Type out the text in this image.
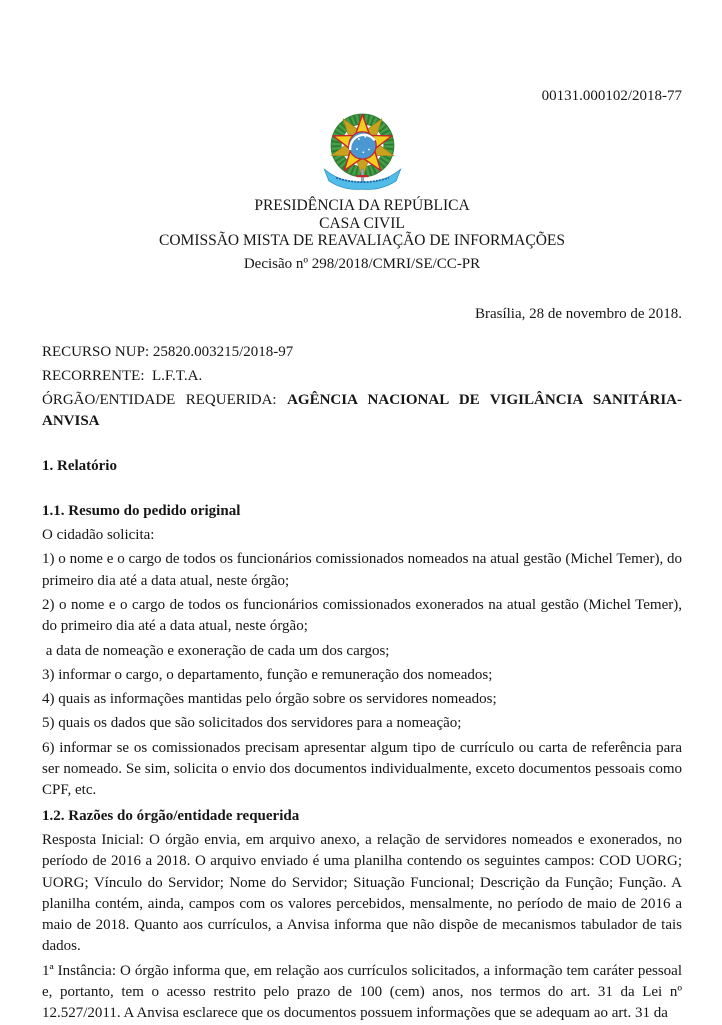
00131.000102/2018-77
PRESIDÊNCIA DA REPÚBLICA
CASA CIVIL
COMISSÃO MISTA DE REAVALIAÇÃO DE INFORMAÇÕES
Decisão nº 298/2018/CMRI/SE/CC-PR
Brasília, 28 de novembro de 2018.

RECURSO NUP: 25820.003215/2018-97

RECORRENTE:  L.F.T.A.

ÓRGÃO/ENTIDADE REQUERIDA: AGÊNCIA NACIONAL DE VIGILÂNCIA SANITÁRIA-ANVISA

1. Relatório
1.1. Resumo do pedido original

O cidadão solicita:

1) o nome e o cargo de todos os funcionários comissionados nomeados na atual gestão (Michel Temer), do primeiro dia até a data atual, neste órgão;

2) o nome e o cargo de todos os funcionários comissionados exonerados na atual gestão (Michel Temer), do primeiro dia até a data atual, neste órgão;

a data de nomeação e exoneração de cada um dos cargos;

3) informar o cargo, o departamento, função e remuneração dos nomeados;

4) quais as informações mantidas pelo órgão sobre os servidores nomeados;

5) quais os dados que são solicitados dos servidores para a nomeação;

6) informar se os comissionados precisam apresentar algum tipo de currículo ou carta de referência para ser nomeado. Se sim, solicita o envio dos documentos individualmente, exceto documentos pessoais como CPF, etc.

1.2. Razões do órgão/entidade requerida

Resposta Inicial: O órgão envia, em arquivo anexo, a relação de servidores nomeados e exonerados, no período de 2016 a 2018. O arquivo enviado é uma planilha contendo os seguintes campos: COD UORG; UORG; Vínculo do Servidor; Nome do Servidor; Situação Funcional; Descrição da Função; Função. A planilha contém, ainda, campos com os valores percebidos, mensalmente, no período de maio de 2016 a maio de 2018. Quanto aos currículos, a Anvisa informa que não dispõe de mecanismos tabulador de tais dados.

1ª Instância: O órgão informa que, em relação aos currículos solicitados, a informação tem caráter pessoal e, portanto, tem o acesso restrito pelo prazo de 100 (cem) anos, nos termos do art. 31 da Lei nº 12.527/2011. A Anvisa esclarece que os documentos possuem informações que se adequam ao art. 31 da
